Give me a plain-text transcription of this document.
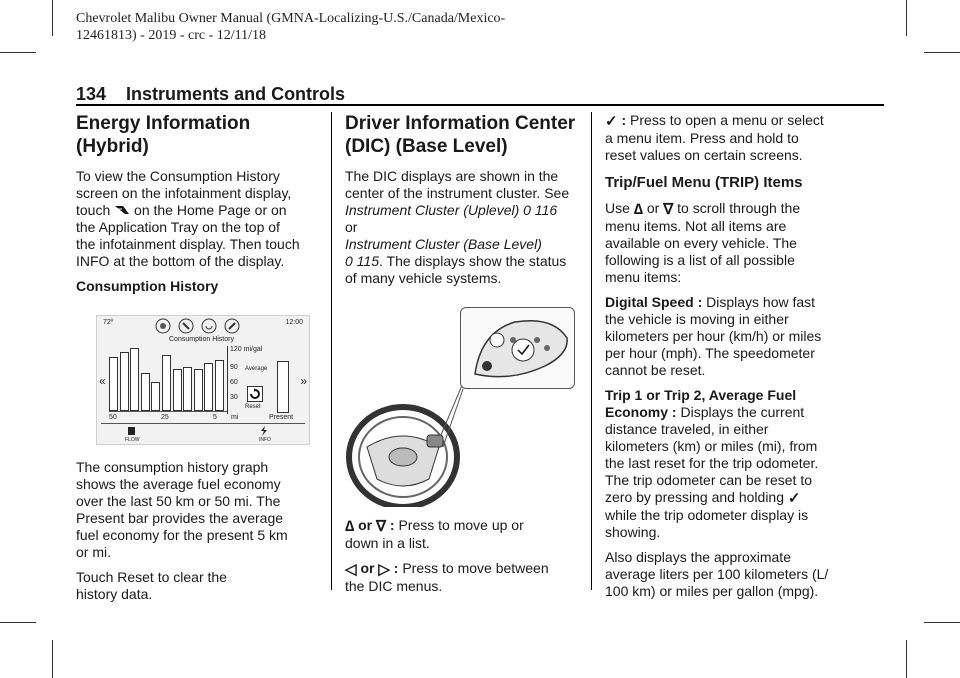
Chevrolet Malibu Owner Manual (GMNA-Localizing-U.S./Canada/Mexico-
12461813) - 2019 - crc - 12/11/18
134 Instruments and Controls
Energy Information
(Hybrid)

To view the Consumption History
screen on the infotainment display,
touch on the Home Page or on
the Application Tray on the top of
the infotainment display. Then touch
INFO at the bottom of the display.

Consumption History

72º	12:00
Consumption History
«	»
120 mi/gal
90 Average
60
30
Reset
50	25	5 mi	Present
FLOW	INFO

The consumption history graph
shows the average fuel economy
over the last 50 km or 50 mi. The
Present bar provides the average
fuel economy for the present 5 km
or mi.

Touch Reset to clear the
history data.

Driver Information Center
(DIC) (Base Level)

The DIC displays are shown in the
center of the instrument cluster. See
Instrument Cluster (Uplevel) 0 116
or
Instrument Cluster (Base Level)
0 115. The displays show the status
of many vehicle systems.

∆ or ∇ : Press to move up or
down in a list.

◁ or ▷ : Press to move between
the DIC menus.

✓ : Press to open a menu or select
a menu item. Press and hold to
reset values on certain screens.

Trip/Fuel Menu (TRIP) Items

Use ∆ or ∇ to scroll through the
menu items. Not all items are
available on every vehicle. The
following is a list of all possible
menu items:

Digital Speed : Displays how fast
the vehicle is moving in either
kilometers per hour (km/h) or miles
per hour (mph). The speedometer
cannot be reset.

Trip 1 or Trip 2, Average Fuel
Economy : Displays the current
distance traveled, in either
kilometers (km) or miles (mi), from
the last reset for the trip odometer.
The trip odometer can be reset to
zero by pressing and holding ✓
while the trip odometer display is
showing.

Also displays the approximate
average liters per 100 kilometers (L/
100 km) or miles per gallon (mpg).
